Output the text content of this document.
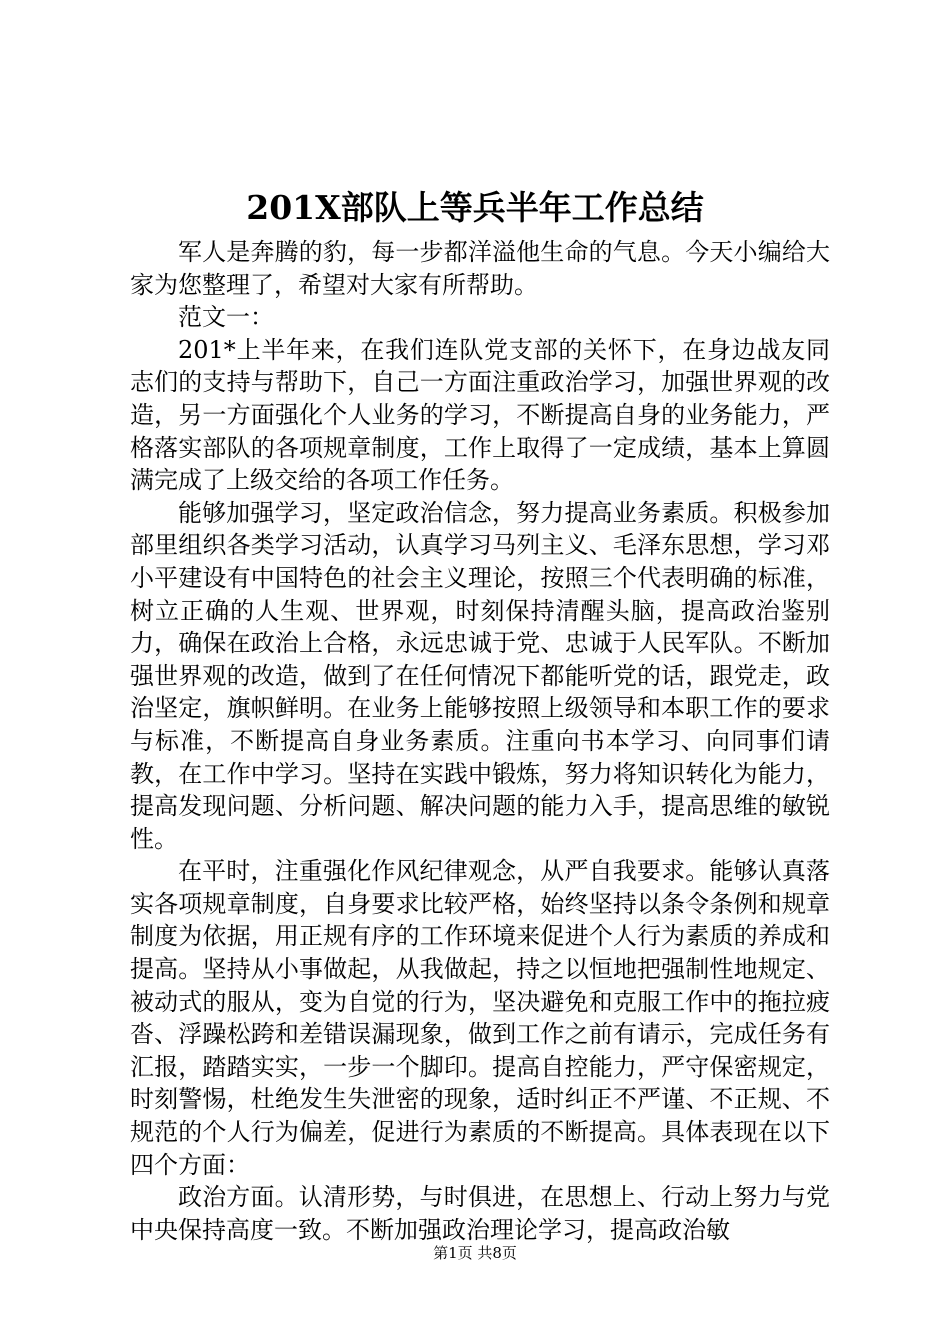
201X部队上等兵半年工作总结

军人是奔腾的豹，每一步都洋溢他生命的气息。今天小编给大家为您整理了，希望对大家有所帮助。

范文一：

201*上半年来，在我们连队党支部的关怀下，在身边战友同志们的支持与帮助下，自己一方面注重政治学习，加强世界观的改造，另一方面强化个人业务的学习，不断提高自身的业务能力，严格落实部队的各项规章制度，工作上取得了一定成绩，基本上算圆满完成了上级交给的各项工作任务。

能够加强学习，坚定政治信念，努力提高业务素质。积极参加部里组织各类学习活动，认真学习马列主义、毛泽东思想，学习邓小平建设有中国特色的社会主义理论，按照三个代表明确的标准，树立正确的人生观、世界观，时刻保持清醒头脑，提高政治鉴别力，确保在政治上合格，永远忠诚于党、忠诚于人民军队。不断加强世界观的改造，做到了在任何情况下都能听党的话，跟党走，政治坚定，旗帜鲜明。在业务上能够按照上级领导和本职工作的要求与标准，不断提高自身业务素质。注重向书本学习、向同事们请教，在工作中学习。坚持在实践中锻炼，努力将知识转化为能力，提高发现问题、分析问题、解决问题的能力入手，提高思维的敏锐性。

在平时，注重强化作风纪律观念，从严自我要求。能够认真落实各项规章制度，自身要求比较严格，始终坚持以条令条例和规章制度为依据，用正规有序的工作环境来促进个人行为素质的养成和提高。坚持从小事做起，从我做起，持之以恒地把强制性地规定、被动式的服从，变为自觉的行为，坚决避免和克服工作中的拖拉疲沓、浮躁松跨和差错误漏现象，做到工作之前有请示，完成任务有汇报，踏踏实实，一步一个脚印。提高自控能力，严守保密规定，时刻警惕，杜绝发生失泄密的现象，适时纠正不严谨、不正规、不规范的个人行为偏差，促进行为素质的不断提高。具体表现在以下四个方面：

政治方面。认清形势，与时俱进，在思想上、行动上努力与党中央保持高度一致。不断加强政治理论学习，提高政治敏

第1页 共8页
